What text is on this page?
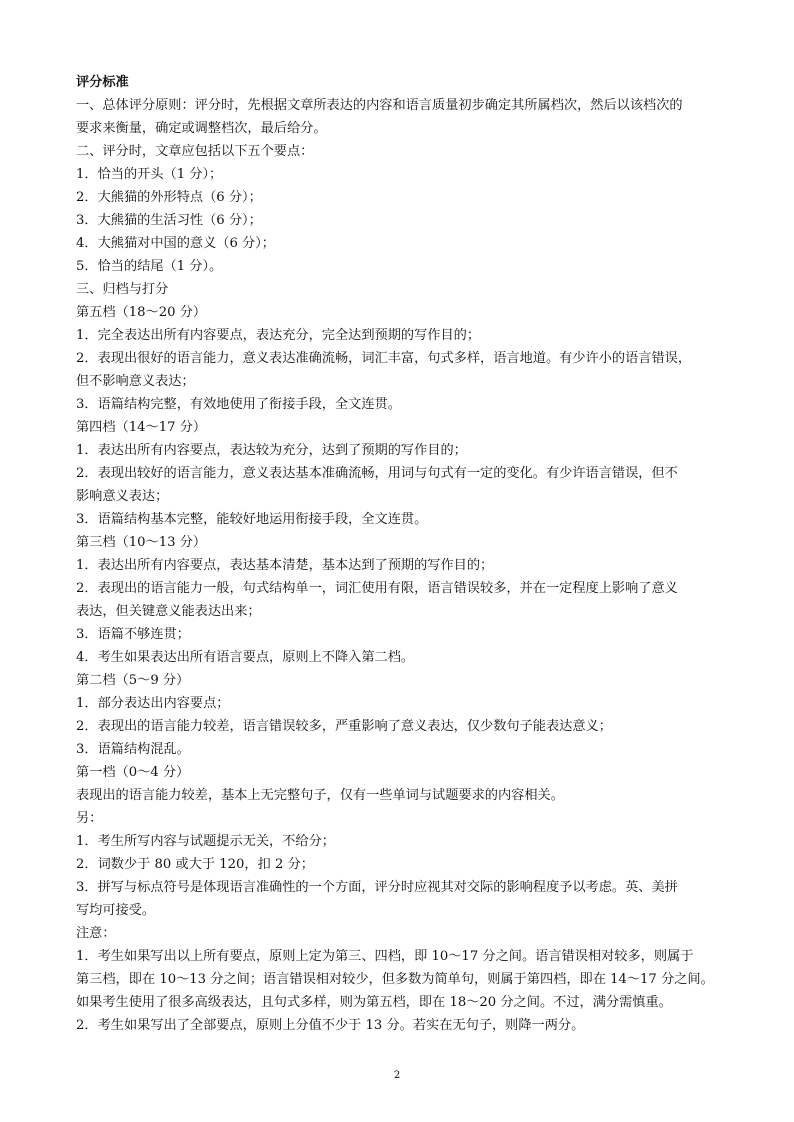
评分标准
一、总体评分原则：评分时，先根据文章所表达的内容和语言质量初步确定其所属档次，然后以该档次的
要求来衡量，确定或调整档次，最后给分。
二、评分时，文章应包括以下五个要点：
1．恰当的开头（1 分）；
2．大熊猫的外形特点（6 分）；
3．大熊猫的生活习性（6 分）；
4．大熊猫对中国的意义（6 分）；
5．恰当的结尾（1 分）。
三、归档与打分
第五档（18～20 分）
1．完全表达出所有内容要点，表达充分，完全达到预期的写作目的；
2．表现出很好的语言能力，意义表达准确流畅，词汇丰富，句式多样，语言地道。有少许小的语言错误，
但不影响意义表达；
3．语篇结构完整，有效地使用了衔接手段，全文连贯。
第四档（14～17 分）
1．表达出所有内容要点，表达较为充分，达到了预期的写作目的；
2．表现出较好的语言能力，意义表达基本准确流畅，用词与句式有一定的变化。有少许语言错误，但不
影响意义表达；
3．语篇结构基本完整，能较好地运用衔接手段，全文连贯。
第三档（10～13 分）
1．表达出所有内容要点，表达基本清楚，基本达到了预期的写作目的；
2．表现出的语言能力一般，句式结构单一，词汇使用有限，语言错误较多，并在一定程度上影响了意义
表达，但关键意义能表达出来；
3．语篇不够连贯；
4．考生如果表达出所有语言要点，原则上不降入第二档。
第二档（5～9 分）
1．部分表达出内容要点；
2．表现出的语言能力较差，语言错误较多，严重影响了意义表达，仅少数句子能表达意义；
3．语篇结构混乱。
第一档（0～4 分）
表现出的语言能力较差，基本上无完整句子，仅有一些单词与试题要求的内容相关。
另：
1．考生所写内容与试题提示无关，不给分；
2．词数少于 80 或大于 120，扣 2 分；
3．拼写与标点符号是体现语言准确性的一个方面，评分时应视其对交际的影响程度予以考虑。英、美拼
写均可接受。
注意：
1．考生如果写出以上所有要点，原则上定为第三、四档，即 10～17 分之间。语言错误相对较多，则属于
第三档，即在 10～13 分之间；语言错误相对较少，但多数为简单句，则属于第四档，即在 14～17 分之间。
如果考生使用了很多高级表达，且句式多样，则为第五档，即在 18～20 分之间。不过，满分需慎重。
2．考生如果写出了全部要点，原则上分值不少于 13 分。若实在无句子，则降一两分。
2
